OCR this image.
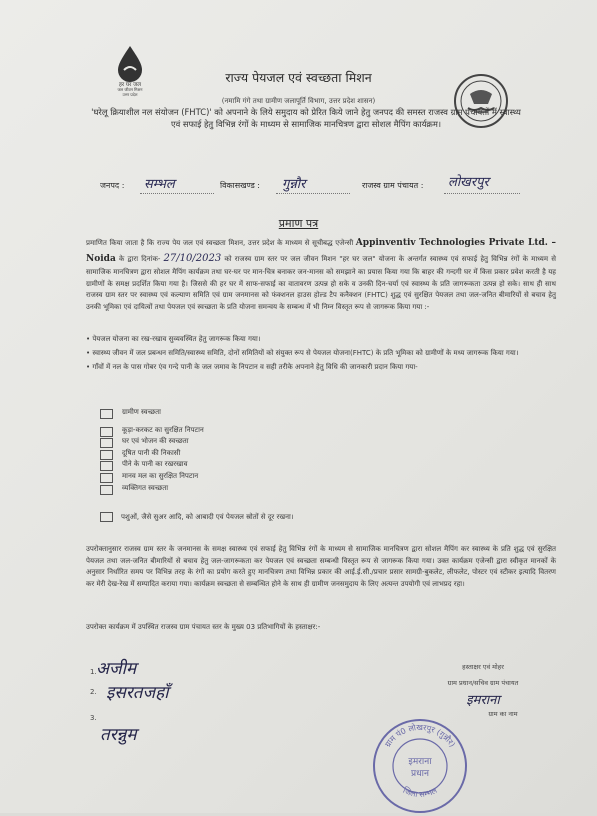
हर घर जल
जल जीवन मिशन
उत्तर प्रदेश
राज्य पेयजल एवं स्वच्छता मिशन
(नमामि गंगे तथा ग्रामीण जलापूर्ति विभाग, उत्तर प्रदेश शासन)
'घरेलू क्रियाशील नल संयोजन (FHTC)' को अपनाने के लिये समुदाय को प्रेरित किये जाने हेतु जनपद की समस्त राजस्व ग्राम पंचायतों में स्वास्थ्य एवं सफाई हेतु विभिन्न रंगों के माध्यम से सामाजिक मानचित्रण द्वारा सोशल मैपिंग कार्यक्रम।
जनपद : सम्भल	विकासखण्ड : गुन्नौर	राजस्व ग्राम पंचायत : लोखरपुर
प्रमाण पत्र
प्रमाणित किया जाता है कि राज्य पेय जल एवं स्वच्छता मिशन, उत्तर प्रदेश के माध्यम से सूचीबद्ध एजेन्सी Appinventiv Technologies Private Ltd. – Noida के द्वारा दिनांक- 27/10/2023 को राजस्व ग्राम स्तर पर जल जीवन मिशन "हर घर जल" योजना के अन्तर्गत स्वास्थ्य एवं सफाई हेतु विभिन्न रंगों के माध्यम से सामाजिक मानचित्रण द्वारा सोशल मैपिंग कार्यक्रम तथा घर-घर पर मान-चित्र बनाकर जन-मानस को समझाने का प्रयास किया गया कि बाहर की गन्दगी घर में किस प्रकार प्रवेश करती है यह ग्रामीणों के समक्ष प्रदर्शित किया गया है। जिससे की हर घर में साफ-सफाई का वातावरण उत्पन्न हो सके व उनकी दिन-चर्या एवं स्वास्थ्य के प्रति जागरूकता उत्पन्न हो सके। साथ ही साथ राजस्व ग्राम स्तर पर स्वास्थ्य एवं कल्याण समिति एवं ग्राम जनमानस को फंक्शनल हाउस होल्ड टैप कनैक्शन (FHTC) शुद्ध एवं सुरक्षित पेयजल तथा जल-जनित बीमारियों से बचाव हेतु उनकी भूमिका एवं दायित्वों तथा पेयजल एवं स्वच्छता के प्रति योजना समन्वय के सम्बन्ध में भी निम्न विस्तृत रूप से जागरूक किया गया :-
• पेयजल योजना का रख-रखाव सुव्यवस्थित हेतु जागरूक किया गया।
• स्वास्थ्य जीवन में जल प्रबन्धन समिति/स्वास्थ्य समिति, दोनों समितियों को संयुक्त रूप से पेयजल योजना(FHTC) के प्रति भूमिका को ग्रामीणों के मध्य जागरूक किया गया।
• गाँवों में नल के पास गोबर एंव गन्दे पानी के जल जमाव के निपटान व सही तरीके अपनाने हेतु विधि की जानकारी प्रदान किया गया-
ग्रामीण स्वच्छता
कूड़ा-करकट का सुरक्षित निपटान
घर एवं भोजन की स्वच्छता
दूषित पानी की निकासी
पीने के पानी का रखरखाव
मानव मल का सुरक्षित निपटान
व्यक्तिगत स्वच्छता
पशुओं, जैसे सुअर आदि, को आबादी एवं पेयजल स्रोतों से दूर रखना।
उपरोक्तानुसार राजस्व ग्राम स्तर के जनमानस के समक्ष स्वास्थ्य एवं सफाई हेतु विभिन्न रंगों के माध्यम से सामाजिक मानचित्रण द्वारा सोशल मैपिंग कर स्वास्थ्य के प्रति शुद्ध एवं सुरक्षित पेयजल तथा जल-जनित बीमारियों से बचाव हेतु जल-जागरूकता कर पेयजल एवं स्वच्छता सम्बन्धी विस्तृत रूप से जागरूक किया गया। उक्त कार्यक्रम एजेन्सी द्वारा स्वीकृत मानकों के अनुसार निर्धारित समय पर विभिन्न तरह के रंगों का प्रयोग करते हुए मानचित्रण तथा विभिन्न प्रकार की आई.ई.सी./प्रचार प्रसार सामग्री-बुकलेट, लीफलेट, पोस्टर एवं स्टीकर इत्यादि वितरण कर मेरी देख-रेख में सम्पादित कराया गया। कार्यक्रम स्वच्छता से सम्बन्धित होने के साथ ही ग्रामीण जनसमुदाय के लिए अत्यन्त उपयोगी एवं लाभप्रद रहा।
उपरोक्त कार्यक्रम में उपस्थित राजस्व ग्राम पंचायत स्तर के मुख्य 03 प्रतिभागियों के हस्ताक्षर:-
1. अजीम
2. इसरतजहाँ
3.
तरन्नुम
हस्ताक्षर एवं मोहर
ग्राम प्रधान/सचिव ग्राम पंचायत
इमराना
ग्राम का नाम
ग्राम पं0 लोखरपुर (गुन्नौर)
जिला सम्भल
इमराना
प्रधान
